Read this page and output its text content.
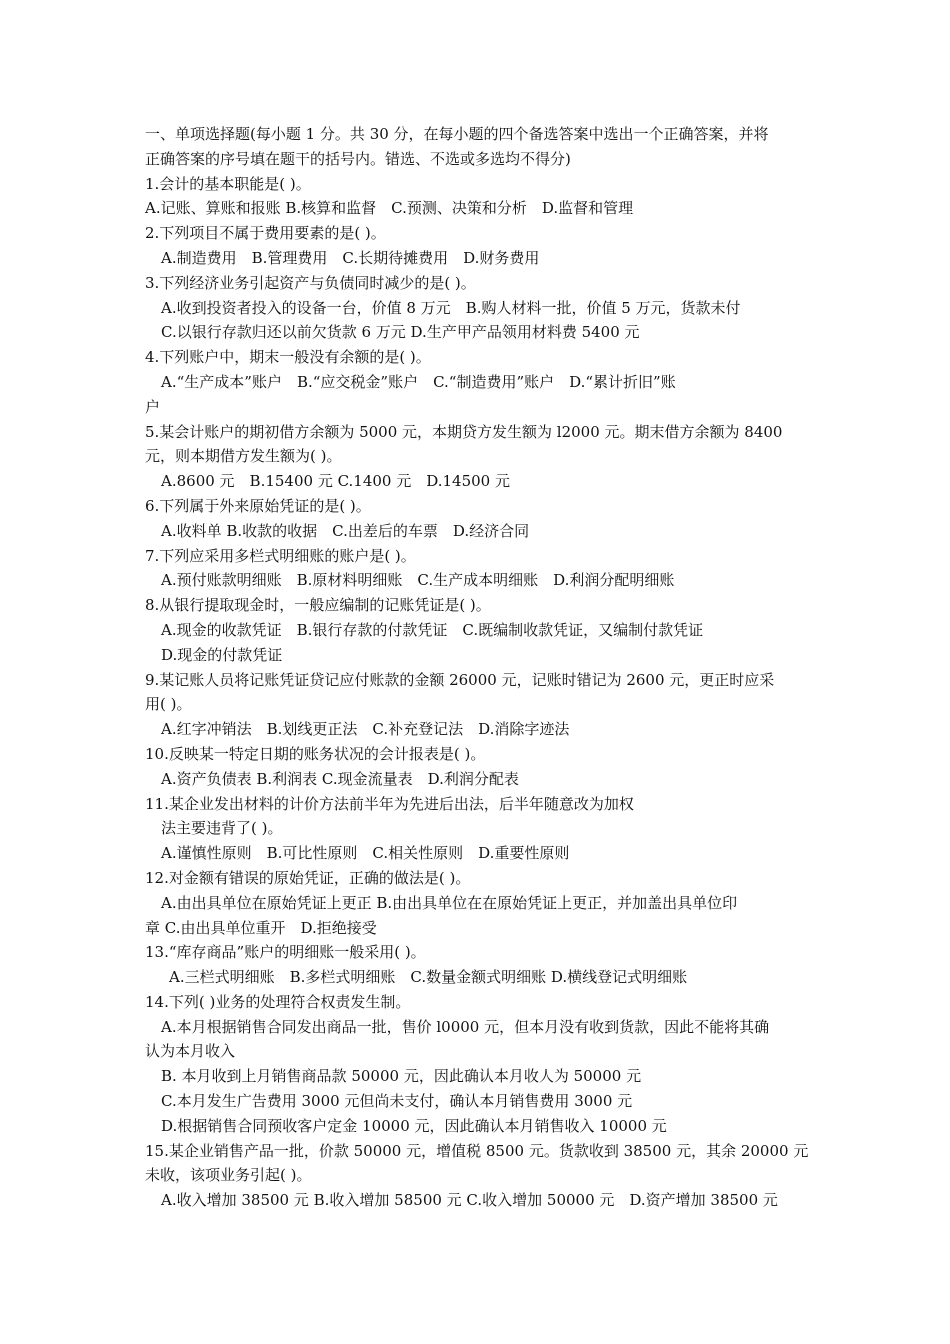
一、单项选择题(每小题 1 分。共 30 分，在每小题的四个备选答案中选出一个正确答案，并将
正确答案的序号填在题干的括号内。错选、不选或多选均不得分)
1.会计的基本职能是( )。
A.记账、算账和报账 B.核算和监督　C.预测、决策和分析　D.监督和管理
2.下列项目不属于费用要素的是( )。
A.制造费用　B.管理费用　C.长期待摊费用　D.财务费用
3.下列经济业务引起资产与负债同时减少的是( )。
A.收到投资者投入的设备一台，价值 8 万元　B.购人材料一批，价值 5 万元，货款未付
C.以银行存款归还以前欠货款 6 万元 D.生产甲产品领用材料费 5400 元
4.下列账户中，期末一般没有余额的是( )。
A.“生产成本”账户　B.“应交税金”账户　C.“制造费用”账户　D.“累计折旧”账
户
5.某会计账户的期初借方余额为 5000 元，本期贷方发生额为 l2000 元。期末借方余额为 8400
元，则本期借方发生额为( )。
A.8600 元　B.15400 元 C.1400 元　D.14500 元
6.下列属于外来原始凭证的是( )。
A.收料单 B.收款的收据　C.出差后的车票　D.经济合同
7.下列应采用多栏式明细账的账户是( )。
A.预付账款明细账　B.原材料明细账　C.生产成本明细账　D.利润分配明细账
8.从银行提取现金时，一般应编制的记账凭证是( )。
A.现金的收款凭证　B.银行存款的付款凭证　C.既编制收款凭证，又编制付款凭证
D.现金的付款凭证
9.某记账人员将记账凭证贷记应付账款的金额 26000 元，记账时错记为 2600 元，更正时应采
用( )。
A.红字冲销法　B.划线更正法　C.补充登记法　D.消除字迹法
10.反映某一特定日期的账务状况的会计报表是( )。
A.资产负债表 B.利润表 C.现金流量表　D.利润分配表
11.某企业发出材料的计价方法前半年为先进后出法，后半年随意改为加权
法主要违背了( )。
A.谨慎性原则　B.可比性原则　C.相关性原则　D.重要性原则
12.对金额有错误的原始凭证，正确的做法是( )。
A.由出具单位在原始凭证上更正 B.由出具单位在在原始凭证上更正，并加盖出具单位印
章 C.由出具单位重开　D.拒绝接受
13.“库存商品”账户的明细账一般采用( )。
A.三栏式明细账　B.多栏式明细账　C.数量金额式明细账 D.横线登记式明细账
14.下列( )业务的处理符合权责发生制。
A.本月根据销售合同发出商品一批，售价 l0000 元，但本月没有收到货款，因此不能将其确
认为本月收入
B. 本月收到上月销售商品款 50000 元，因此确认本月收人为 50000 元
C.本月发生广告费用 3000 元但尚未支付，确认本月销售费用 3000 元
D.根据销售合同预收客户定金 10000 元，因此确认本月销售收入 10000 元
15.某企业销售产品一批，价款 50000 元，增值税 8500 元。货款收到 38500 元，其余 20000 元
未收，该项业务引起( )。
A.收入增加 38500 元 B.收入增加 58500 元 C.收入增加 50000 元　D.资产增加 38500 元
